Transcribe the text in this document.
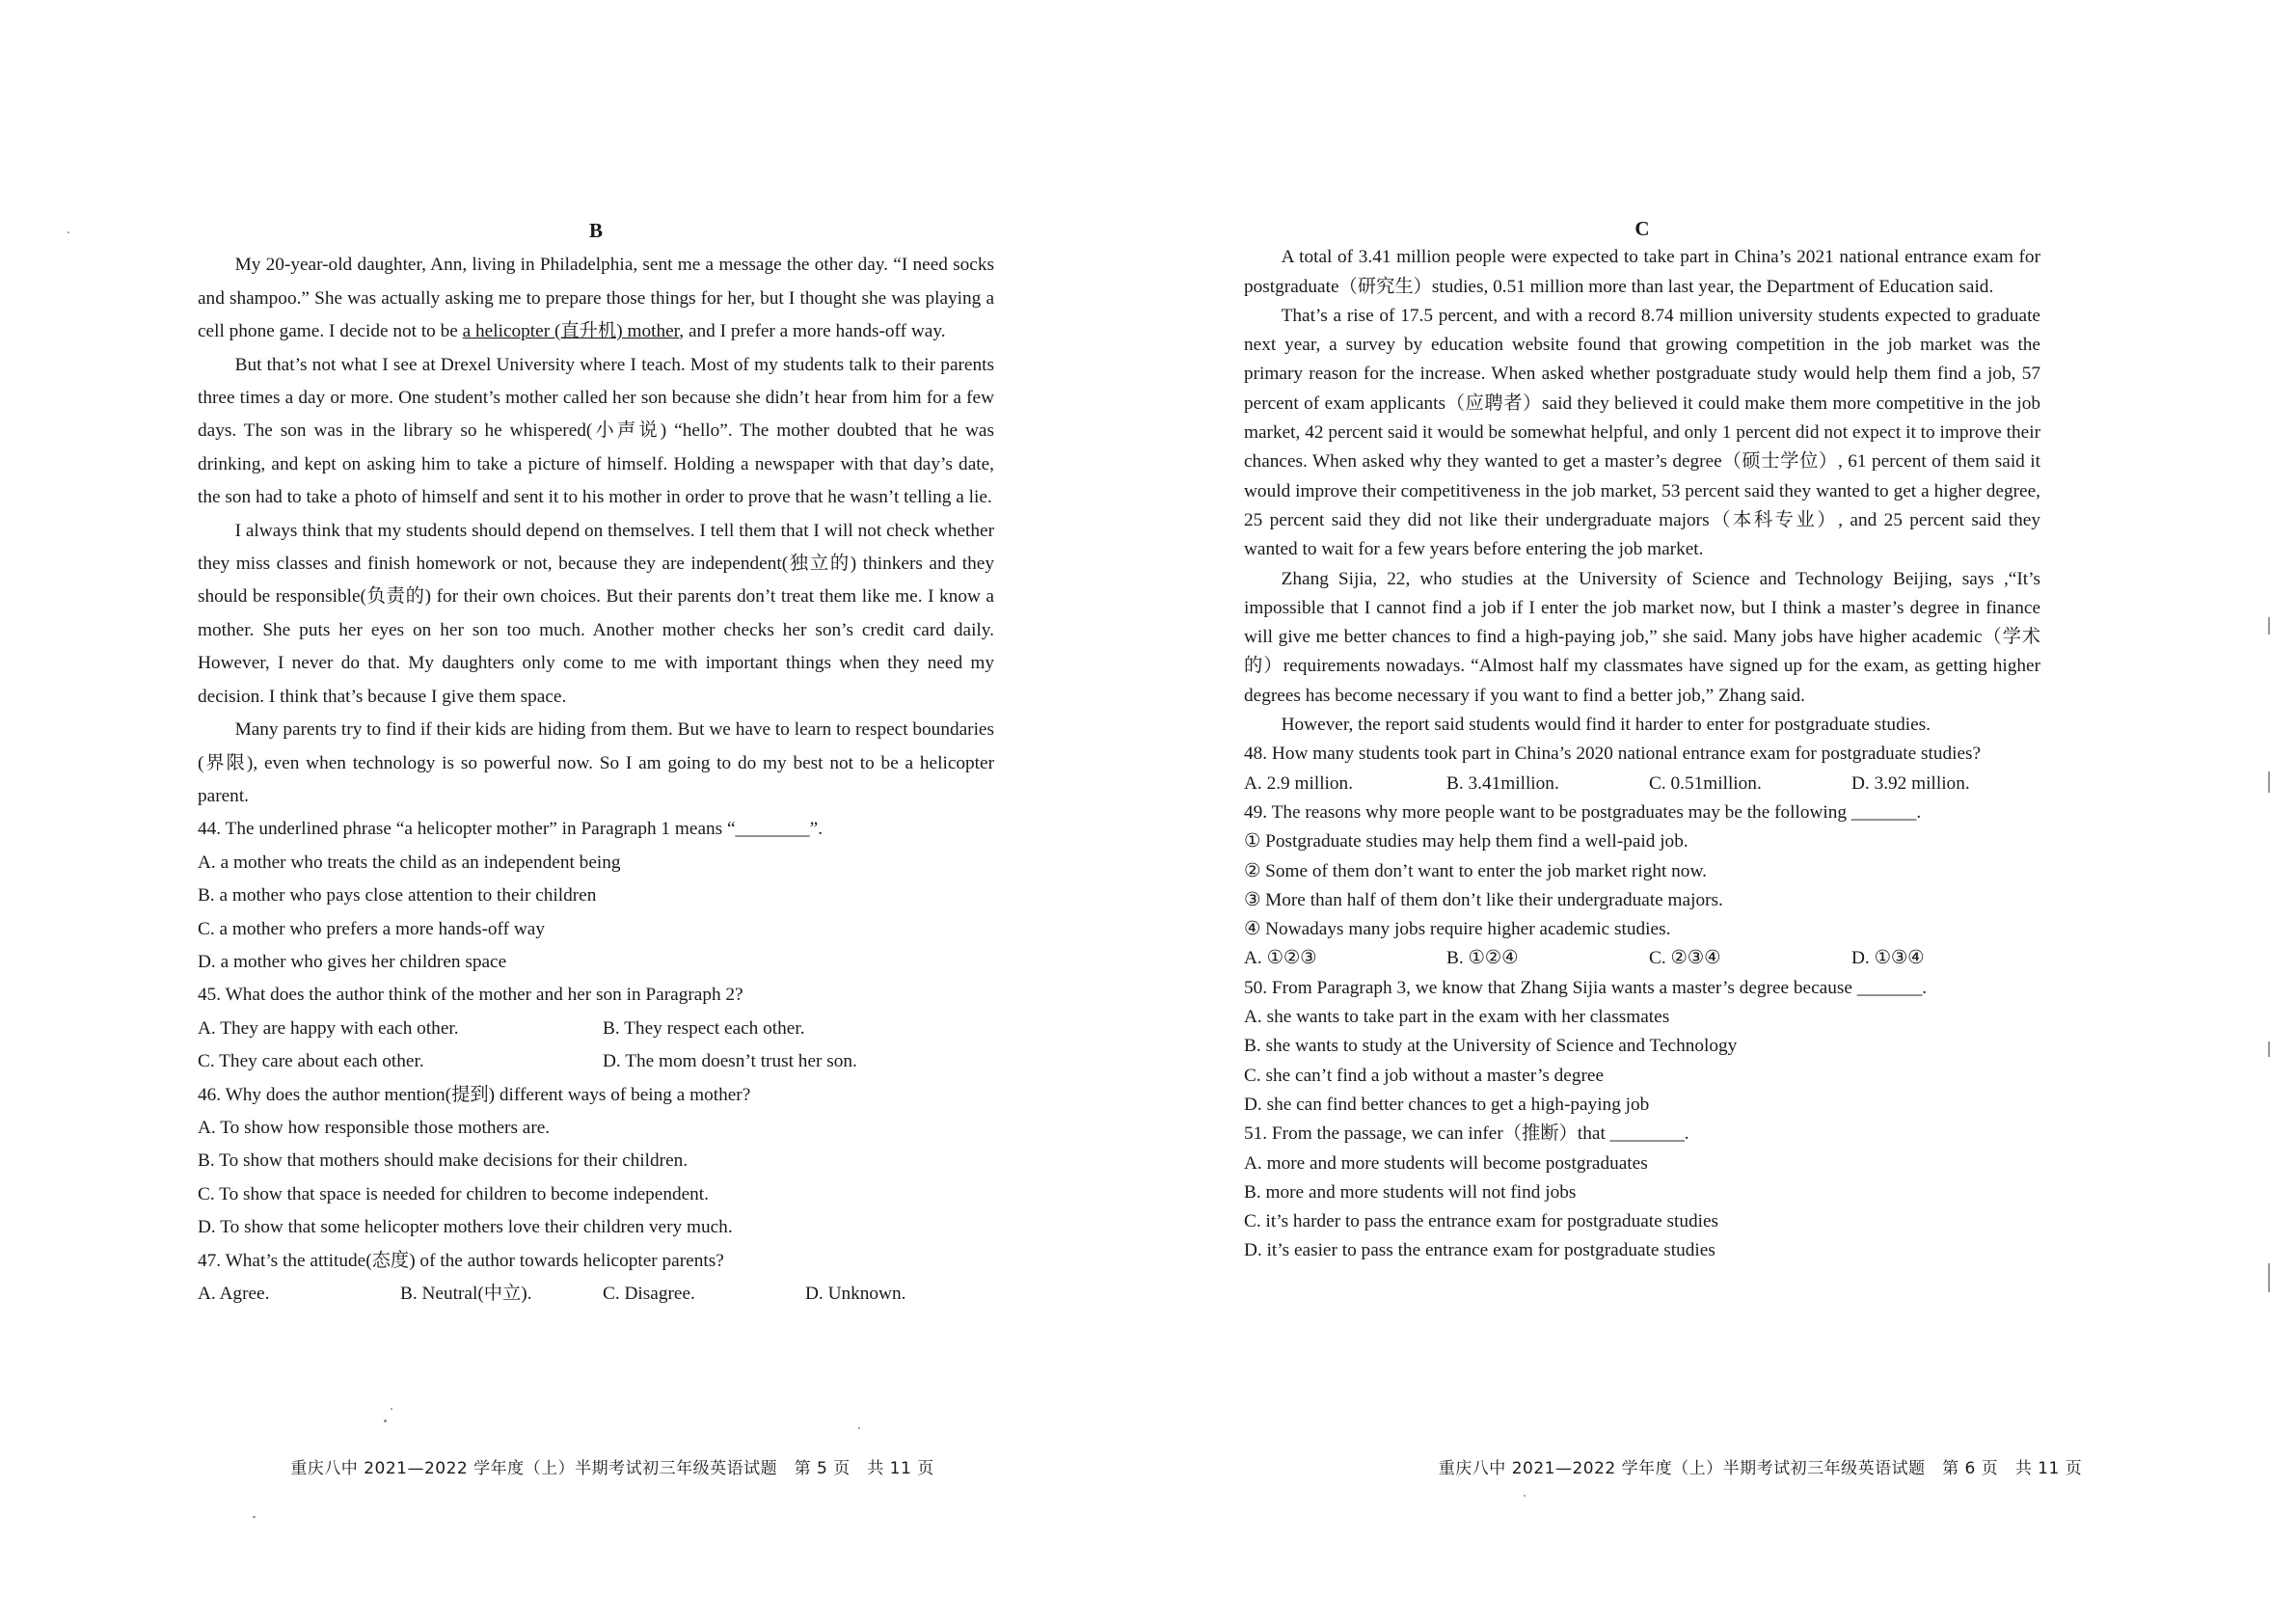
B

My 20-year-old daughter, Ann, living in Philadelphia, sent me a message the other day. “I need socks and shampoo.” She was actually asking me to prepare those things for her, but I thought she was playing a cell phone game. I decide not to be a helicopter (直升机) mother, and I prefer a more hands-off way.

But that’s not what I see at Drexel University where I teach. Most of my students talk to their parents three times a day or more. One student’s mother called her son because she didn’t hear from him for a few days. The son was in the library so he whispered(小声说) “hello”. The mother doubted that he was drinking, and kept on asking him to take a picture of himself. Holding a newspaper with that day’s date, the son had to take a photo of himself and sent it to his mother in order to prove that he wasn’t telling a lie.

I always think that my students should depend on themselves. I tell them that I will not check whether they miss classes and finish homework or not, because they are independent(独立的) thinkers and they should be responsible(负责的) for their own choices. But their parents don’t treat them like me. I know a mother. She puts her eyes on her son too much. Another mother checks her son’s credit card daily. However, I never do that. My daughters only come to me with important things when they need my decision. I think that’s because I give them space.

Many parents try to find if their kids are hiding from them. But we have to learn to respect boundaries (界限), even when technology is so powerful now. So I am going to do my best not to be a helicopter parent.

44. The underlined phrase “a helicopter mother” in Paragraph 1 means “________”.
A. a mother who treats the child as an independent being
B. a mother who pays close attention to their children
C. a mother who prefers a more hands-off way
D. a mother who gives her children space
45. What does the author think of the mother and her son in Paragraph 2?
A. They are happy with each other.	B. They respect each other.
C. They care about each other.	D. The mom doesn’t trust her son.
46. Why does the author mention(提到) different ways of being a mother?
A. To show how responsible those mothers are.
B. To show that mothers should make decisions for their children.
C. To show that space is needed for children to become independent.
D. To show that some helicopter mothers love their children very much.
47. What’s the attitude(态度) of the author towards helicopter parents?
A. Agree.	B. Neutral(中立).	C. Disagree.	D. Unknown.
重庆八中 2021—2022 学年度（上）半期考试初三年级英语试题　第 5 页　共 11 页
C

A total of 3.41 million people were expected to take part in China’s 2021 national entrance exam for postgraduate（研究生）studies, 0.51 million more than last year, the Department of Education said.

That’s a rise of 17.5 percent, and with a record 8.74 million university students expected to graduate next year, a survey by education website found that growing competition in the job market was the primary reason for the increase. When asked whether postgraduate study would help them find a job, 57 percent of exam applicants（应聘者）said they believed it could make them more competitive in the job market, 42 percent said it would be somewhat helpful, and only 1 percent did not expect it to improve their chances. When asked why they wanted to get a master’s degree（硕士学位）, 61 percent of them said it would improve their competitiveness in the job market, 53 percent said they wanted to get a higher degree, 25 percent said they did not like their undergraduate majors（本科专业）, and 25 percent said they wanted to wait for a few years before entering the job market.

Zhang Sijia, 22, who studies at the University of Science and Technology Beijing, says ,“It’s impossible that I cannot find a job if I enter the job market now, but I think a master’s degree in finance will give me better chances to find a high-paying job,” she said. Many jobs have higher academic（学术的）requirements nowadays. “Almost half my classmates have signed up for the exam, as getting higher degrees has become necessary if you want to find a better job,” Zhang said.

However, the report said students would find it harder to enter for postgraduate studies.

48. How many students took part in China’s 2020 national entrance exam for postgraduate studies?
A. 2.9 million.	B. 3.41million.	C. 0.51million.	D. 3.92 million.
49. The reasons why more people want to be postgraduates may be the following _______.
① Postgraduate studies may help them find a well-paid job.
② Some of them don’t want to enter the job market right now.
③ More than half of them don’t like their undergraduate majors.
④ Nowadays many jobs require higher academic studies.
A. ①②③	B. ①②④	C. ②③④	D. ①③④
50. From Paragraph 3, we know that Zhang Sijia wants a master’s degree because _______.
A. she wants to take part in the exam with her classmates
B. she wants to study at the University of Science and Technology
C. she can’t find a job without a master’s degree
D. she can find better chances to get a high-paying job
51. From the passage, we can infer（推断）that ________.
A. more and more students will become postgraduates
B. more and more students will not find jobs
C. it’s harder to pass the entrance exam for postgraduate studies
D. it’s easier to pass the entrance exam for postgraduate studies
重庆八中 2021—2022 学年度（上）半期考试初三年级英语试题　第 6 页　共 11 页
